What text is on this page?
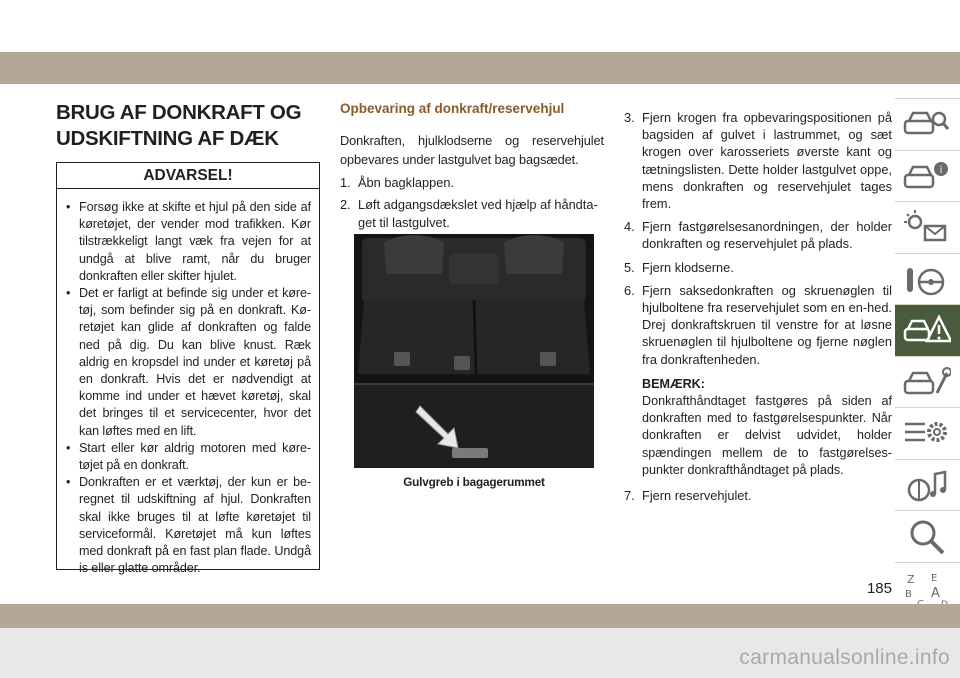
BRUG AF DONKRAFT OG UDSKIFTNING AF DÆK
ADVARSEL!
• Forsøg ikke at skifte et hjul på den side af køretøjet, der vender mod trafikken. Kør tilstrækkeligt langt væk fra vejen for at undgå at blive ramt, når du bruger donkraften eller skifter hjulet.
• Det er farligt at befinde sig under et køre-tøj, som befinder sig på en donkraft. Kø-retøjet kan glide af donkraften og falde ned på dig. Du kan blive knust. Ræk aldrig en kropsdel ind under et køretøj på en donkraft. Hvis det er nødvendigt at komme ind under et hævet køretøj, skal det bringes til et servicecenter, hvor det kan løftes med en lift.
• Start eller kør aldrig motoren med køre-tøjet på en donkraft.
• Donkraften er et værktøj, der kun er be-regnet til udskiftning af hjul. Donkraften skal ikke bruges til at løfte køretøjet til serviceformål. Køretøjet må kun løftes med donkraft på en fast plan flade. Undgå is eller glatte områder.
Opbevaring af donkraft/reservehjul

Donkraften, hjulklodserne og reservehjulet opbevares under lastgulvet bag bagsædet.

1. Åbn bagklappen.
2. Løft adgangsdækslet ved hjælp af håndta-get til lastgulvet.
Gulvgreb i bagagerummet
3. Fjern krogen fra opbevaringspositionen på bagsiden af gulvet i lastrummet, og sæt krogen over karosseriets øverste kant og tætningslisten. Dette holder lastgulvet oppe, mens donkraften og reservehjulet tages frem.
4. Fjern fastgørelsesanordningen, der holder donkraften og reservehjulet på plads.
5. Fjern klodserne.
6. Fjern saksedonkraften og skruenøglen til hjulboltene fra reservehjulet som en en-hed. Drej donkraftskruen til venstre for at løsne skruenøglen til hjulboltene og fjerne nøglen fra donkraftenheden.
BEMÆRK:
Donkrafthåndtaget fastgøres på siden af donkraften med to fastgørelsespunkter. Når donkraften er delvist udvidet, holder spændingen mellem de to fastgørelses-punkter donkrafthåndtaget på plads.
7. Fjern reservehjulet.
i
Z E
B A
185
carmanualsonline.info
